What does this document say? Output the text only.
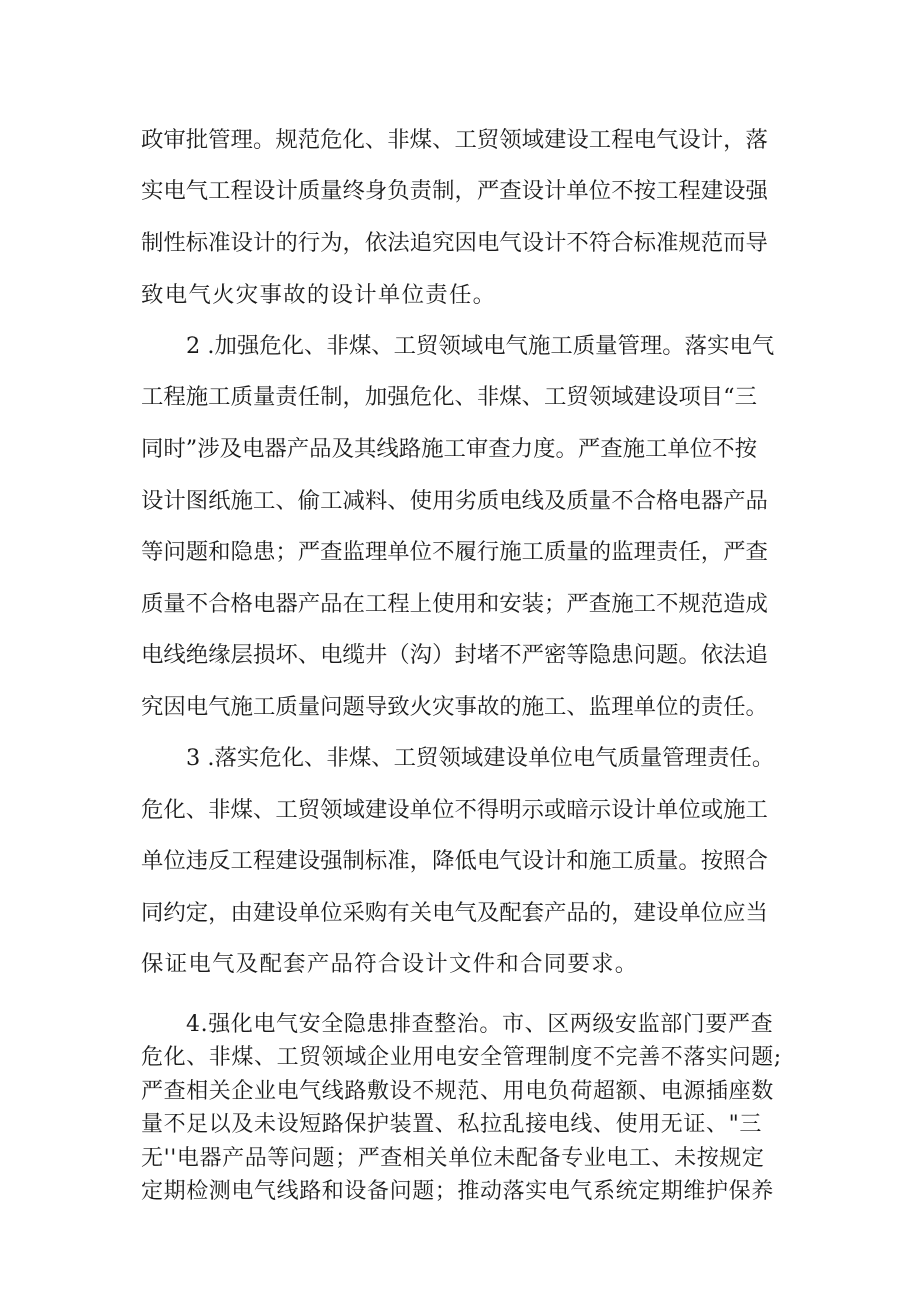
政审批管理。规范危化、非煤、工贸领域建设工程电气设计，落
实电气工程设计质量终身负责制，严查设计单位不按工程建设强
制性标准设计的行为，依法追究因电气设计不符合标准规范而导
致电气火灾事故的设计单位责任。
2 .加强危化、非煤、工贸领域电气施工质量管理。落实电气
工程施工质量责任制，加强危化、非煤、工贸领域建设项目“三
同时”涉及电器产品及其线路施工审查力度。严查施工单位不按
设计图纸施工、偷工减料、使用劣质电线及质量不合格电器产品
等问题和隐患；严查监理单位不履行施工质量的监理责任，严查
质量不合格电器产品在工程上使用和安装；严查施工不规范造成
电线绝缘层损坏、电缆井（沟）封堵不严密等隐患问题。依法追
究因电气施工质量问题导致火灾事故的施工、监理单位的责任。
3 .落实危化、非煤、工贸领域建设单位电气质量管理责任。
危化、非煤、工贸领域建设单位不得明示或暗示设计单位或施工
单位违反工程建设强制标准，降低电气设计和施工质量。按照合
同约定，由建设单位采购有关电气及配套产品的，建设单位应当
保证电气及配套产品符合设计文件和合同要求。
4.强化电气安全隐患排查整治。市、区两级安监部门要严查
危化、非煤、工贸领域企业用电安全管理制度不完善不落实问题;
严查相关企业电气线路敷设不规范、用电负荷超额、电源插座数
量不足以及未设短路保护装置、私拉乱接电线、使用无证、"三
无''电器产品等问题；严查相关单位未配备专业电工、未按规定
定期检测电气线路和设备问题；推动落实电气系统定期维护保养
